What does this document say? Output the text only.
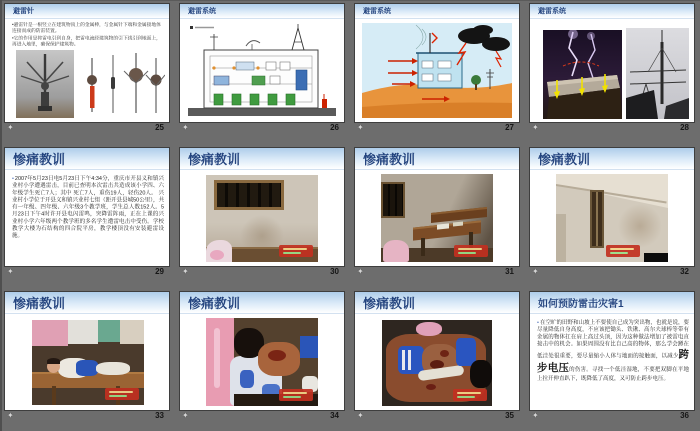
避雷针
•避雷针是一根竖立在建筑物顶上的金属棒，与金属针下端和金属接地体连接而成的防雷装置。
•它的作用是将雷电引到自身，把雷电流经建筑物的引下线引到地面上，再进入地里，确保保护建筑物。
✦	25
避雷系统
✦	26
避雷系统
✦	27
避雷系统
✦	28
惨痛教训
•2007年5月23日电5月23日下午4:34分，重庆市开县义和镇兴业村小学遭遇雷击，目前已查明本次雷击共造成该小学四、六年级学生死亡7人；其中 死亡7人，重伤19人，轻伤20人。 兴业村小学位于开县义和镇兴业村七组（距开县县城50公里），共有一年级、四年级、六年级3个教学班，学生总人数152人。5月23日下午4时许开县电闪雷鸣，突降雷阵雨，正在上课的兴业村小学六年级两个教学班的多名学生遭雷电击中受伤。学校教学大楼为石结构的四合院平房，教学楼顶没有安装避雷设施。
✦	29
惨痛教训
✦	30
惨痛教训
✦	31
惨痛教训
✦	32
惨痛教训
✦	33
惨痛教训
✦	34
惨痛教训
✦	35
如何预防雷击灾害1
•在空旷的田野和山坡上不要使自己成为突出物，也就是说，要尽量降低自身高度，不应该把锄头、铁锹、高尔夫球棒等带有金属的物体扛在肩上高过头顶，因为这种做法增加了被雷电直接击中的机会。如果周围没有比自己高的物体，那么学会蹲在低洼处很重要，要尽量缩小人体与地面的接触面，以减少跨步电压的伤害。寻找一个低洼湿地，不要把双脚在平地上拉开伸直趴下，既降低了高度，又可防止跨步电压。
✦	36
